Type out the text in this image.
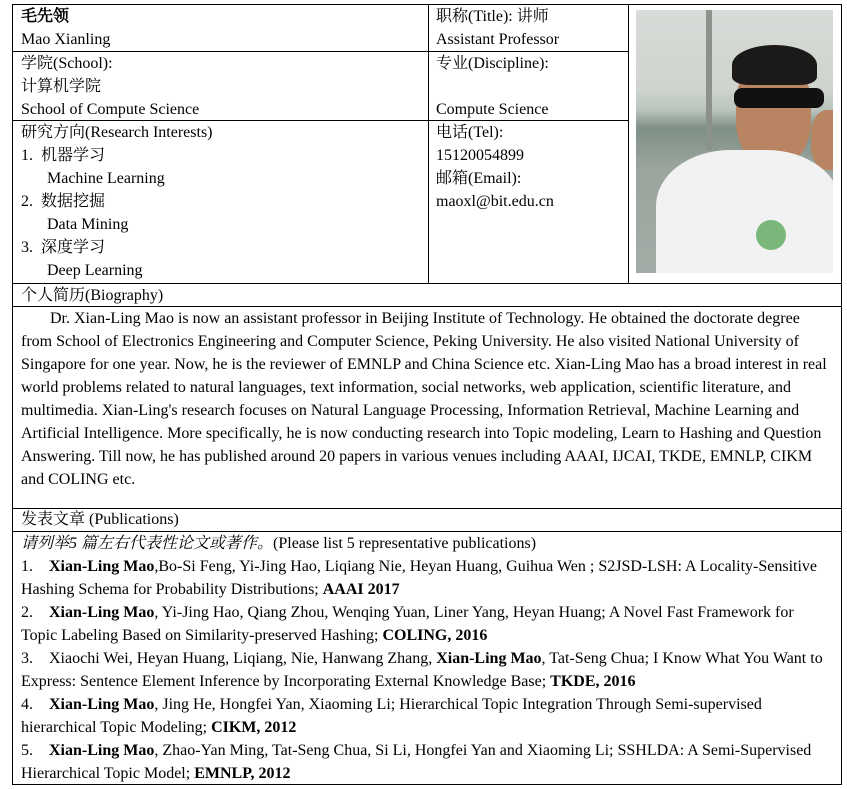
毛先领
Mao Xianling
职称(Title): 讲师
Assistant Professor
学院(School):
计算机学院
School of Compute Science
专业(Discipline):
Compute Science
研究方向(Research Interests)
1. 机器学习
Machine Learning
2. 数据挖掘
Data Mining
3. 深度学习
Deep Learning
电话(Tel):
15120054899
邮箱(Email):
maoxl@bit.edu.cn
个人简历(Biography)
Dr. Xian-Ling Mao is now an assistant professor in Beijing Institute of Technology. He obtained the doctorate degree from School of Electronics Engineering and Computer Science, Peking University. He also visited National University of Singapore for one year. Now, he is the reviewer of EMNLP and China Science etc. Xian-Ling Mao has a broad interest in real world problems related to natural languages, text information, social networks, web application, scientific literature, and multimedia. Xian-Ling's research focuses on Natural Language Processing, Information Retrieval, Machine Learning and Artificial Intelligence. More specifically, he is now conducting research into Topic modeling, Learn to Hashing and Question Answering. Till now, he has published around 20 papers in various venues including AAAI, IJCAI, TKDE, EMNLP, CIKM and COLING etc.
发表文章 (Publications)
请列举5 篇左右代表性论文或著作。(Please list 5 representative publications)
1. Xian-Ling Mao,Bo-Si Feng, Yi-Jing Hao, Liqiang Nie, Heyan Huang, Guihua Wen ; S2JSD-LSH: A Locality-Sensitive Hashing Schema for Probability Distributions; AAAI 2017
2. Xian-Ling Mao, Yi-Jing Hao, Qiang Zhou, Wenqing Yuan, Liner Yang, Heyan Huang; A Novel Fast Framework for Topic Labeling Based on Similarity-preserved Hashing; COLING, 2016
3. Xiaochi Wei, Heyan Huang, Liqiang, Nie, Hanwang Zhang, Xian-Ling Mao, Tat-Seng Chua; I Know What You Want to Express: Sentence Element Inference by Incorporating External Knowledge Base; TKDE, 2016
4. Xian-Ling Mao, Jing He, Hongfei Yan, Xiaoming Li; Hierarchical Topic Integration Through Semi-supervised hierarchical Topic Modeling; CIKM, 2012
5. Xian-Ling Mao, Zhao-Yan Ming, Tat-Seng Chua, Si Li, Hongfei Yan and Xiaoming Li; SSHLDA: A Semi-Supervised Hierarchical Topic Model; EMNLP, 2012
